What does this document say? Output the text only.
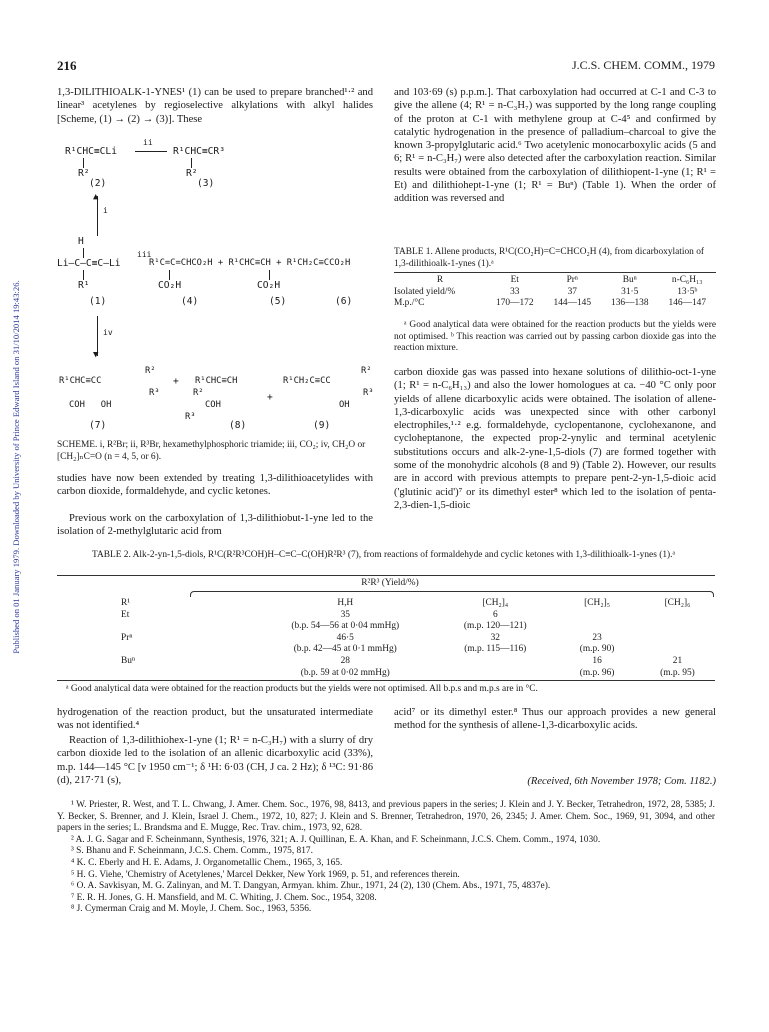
Published on 01 January 1979. Downloaded by University of Prince Edward Island on 31/10/2014 19:43:26.
216	J.C.S. CHEM. COMM., 1979

1,3-DILITHIOALK-1-YNES¹ (1) can be used to prepare branched¹·² and linear³ acetylenes by regioselective alkylations with alkyl halides [Scheme, (1) → (2) → (3)]. These

R¹CHC≡CLi
ii
R¹CHC≡CR³
R²	R²
(2)	(3)
▲
i
H
Li–C–C≡C–Li
iii
R¹C=C=CHCO₂H + R¹CHC≡CH + R¹CH₂C≡CCO₂H
R¹	CO₂H	CO₂H
(1)	(4)	(5)	(6)
▼
iv
R²
R¹CHC≡CC
R³
COH   OH
+ R¹CHC≡CH
R²
COH
R³
+
R²
R¹CH₂C≡CC
R³
OH
(7)	(8)	(9)

SCHEME. i, R²Br; ii, R³Br, hexamethylphosphoric triamide; iii, CO₂; iv, CH₂O or [CH₂]ₙC=O (n = 4, 5, or 6).

studies have now been extended by treating 1,3-dilithioacetylides with carbon dioxide, formaldehyde, and cyclic ketones.

Previous work on the carboxylation of 1,3-dilithiobut-1-yne led to the isolation of 2-methylglutaric acid from

and 103·69 (s) p.p.m.]. That carboxylation had occurred at C-1 and C-3 to give the allene (4; R¹ = n-C₃H₇) was supported by the long range coupling of the proton at C-1 with methylene group at C-4⁵ and confirmed by catalytic hydrogenation in the presence of palladium–charcoal to give the known 3-propylglutaric acid.⁶ Two acetylenic monocarboxylic acids (5 and 6; R¹ = n-C₃H₇) were also detected after the carboxylation reaction. Similar results were obtained from the carboxylation of dilithiopent-1-yne (1; R¹ = Et) and dilithiohept-1-yne (1; R¹ = Buⁿ) (Table 1). When the order of addition was reversed and

TABLE 1. Allene products, R¹C(CO₂H)=C=CHCO₂H (4), from dicarboxylation of 1,3-dilithioalk-1-ynes (1).ᵃ
R	Et	Prⁿ	Buⁿ	n-C₆H₁₃
Isolated yield/%	33	37	31·5	13·5ᵇ
M.p./°C	170—172	144—145	136—138	146—147

ᵃ Good analytical data were obtained for the reaction products but the yields were not optimised. ᵇ This reaction was carried out by passing carbon dioxide gas into the reaction mixture.

carbon dioxide gas was passed into hexane solutions of dilithio-oct-1-yne (1; R¹ = n-C₆H₁₃) and also the lower homologues at ca. −40 °C only poor yields of allene dicarboxylic acids were obtained. The isolation of allene-1,3-dicarboxylic acids was unexpected since with other carbonyl electrophiles,¹·² e.g. formaldehyde, cyclopentanone, cyclohexanone, and cycloheptanone, the expected prop-2-ynylic and terminal acetylenic substitutions occurs and alk-2-yne-1,5-diols (7) are formed together with some of the monohydric alcohols (8 and 9) (Table 2). However, our results are in accord with previous attempts to prepare pent-2-yn-1,5-dioic acid ('glutinic acid')⁷ or its dimethyl ester⁸ which led to the isolation of penta-2,3-dien-1,5-dioic

TABLE 2. Alk-2-yn-1,5-diols, R¹C(R²R³COH)H–C≡C–C(OH)R²R³ (7), from reactions of formaldehyde and cyclic ketones with 1,3-dilithioalk-1-ynes (1).ᵃ
R²R³ (Yield/%)
R¹	H,H	[CH₂]₄	[CH₂]₅	[CH₂]₆
Et	35	6		
	(b.p. 54—56 at 0·04 mmHg)	(m.p. 120—121)		
Prⁿ	46·5	32	23	
	(b.p. 42—45 at 0·1 mmHg)	(m.p. 115—116)	(m.p. 90)	
Buⁿ	28		16	21
	(b.p. 59 at 0·02 mmHg)		(m.p. 96)	(m.p. 95)

ᵃ Good analytical data were obtained for the reaction products but the yields were not optimised. All b.p.s and m.p.s are in °C.

hydrogenation of the reaction product, but the unsaturated intermediate was not identified.⁴

Reaction of 1,3-dilithiohex-1-yne (1; R¹ = n-C₃H₇) with a slurry of dry carbon dioxide led to the isolation of an allenic dicarboxylic acid (33%), m.p. 144—145 °C [ν 1950 cm⁻¹; δ ¹H: 6·03 (CH, J ca. 2 Hz); δ ¹³C: 91·86 (d), 217·71 (s),

acid⁷ or its dimethyl ester.⁸ Thus our approach provides a new general method for the synthesis of allene-1,3-dicarboxylic acids.

(Received, 6th November 1978; Com. 1182.)

¹ W. Priester, R. West, and T. L. Chwang, J. Amer. Chem. Soc., 1976, 98, 8413, and previous papers in the series; J. Klein and J. Y. Becker, Tetrahedron, 1972, 28, 5385; J. Y. Becker, S. Brenner, and J. Klein, Israel J. Chem., 1972, 10, 827; J. Klein and S. Brenner, Tetrahedron, 1970, 26, 2345; J. Amer. Chem. Soc., 1969, 91, 3094, and other papers in the series; L. Brandsma and E. Mugge, Rec. Trav. chim., 1973, 92, 628.

² A. J. G. Sagar and F. Scheinmann, Synthesis, 1976, 321; A. J. Quillinan, E. A. Khan, and F. Scheinmann, J.C.S. Chem. Comm., 1974, 1030.

³ S. Bhanu and F. Scheinmann, J.C.S. Chem. Comm., 1975, 817.

⁴ K. C. Eberly and H. E. Adams, J. Organometallic Chem., 1965, 3, 165.

⁵ H. G. Viehe, 'Chemistry of Acetylenes,' Marcel Dekker, New York 1969, p. 51, and references therein.

⁶ O. A. Savkisyan, M. G. Zalinyan, and M. T. Dangyan, Armyan. khim. Zhur., 1971, 24 (2), 130 (Chem. Abs., 1971, 75, 4837e).

⁷ E. R. H. Jones, G. H. Mansfield, and M. C. Whiting, J. Chem. Soc., 1954, 3208.

⁸ J. Cymerman Craig and M. Moyle, J. Chem. Soc., 1963, 5356.
